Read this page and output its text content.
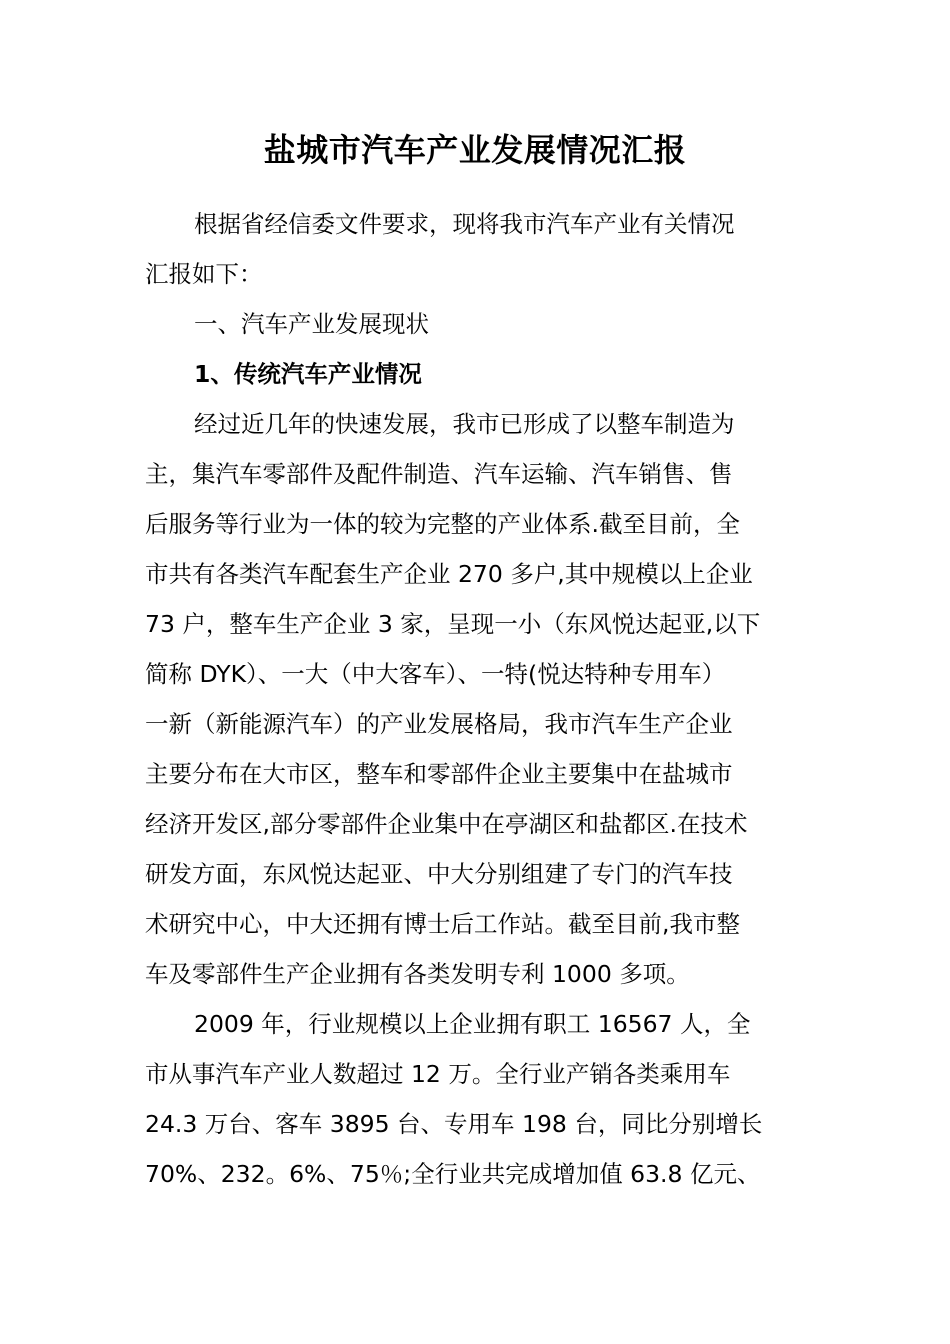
盐城市汽车产业发展情况汇报
根据省经信委文件要求，现将我市汽车产业有关情况
汇报如下：
一、汽车产业发展现状
1、传统汽车产业情况
经过近几年的快速发展，我市已形成了以整车制造为
主，集汽车零部件及配件制造、汽车运输、汽车销售、售
后服务等行业为一体的较为完整的产业体系.截至目前，全
市共有各类汽车配套生产企业 270 多户,其中规模以上企业
73 户，整车生产企业 3 家，呈现一小（东风悦达起亚,以下
简称 DYK）、一大（中大客车）、一特(悦达特种专用车）
一新（新能源汽车）的产业发展格局，我市汽车生产企业
主要分布在大市区，整车和零部件企业主要集中在盐城市
经济开发区,部分零部件企业集中在亭湖区和盐都区.在技术
研发方面，东风悦达起亚、中大分别组建了专门的汽车技
术研究中心，中大还拥有博士后工作站。截至目前,我市整
车及零部件生产企业拥有各类发明专利 1000 多项。
2009 年，行业规模以上企业拥有职工 16567 人，全
市从事汽车产业人数超过 12 万。全行业产销各类乘用车
24.3 万台、客车 3895 台、专用车 198 台，同比分别增长
70%、232。6%、75％;全行业共完成增加值 63.8 亿元、
